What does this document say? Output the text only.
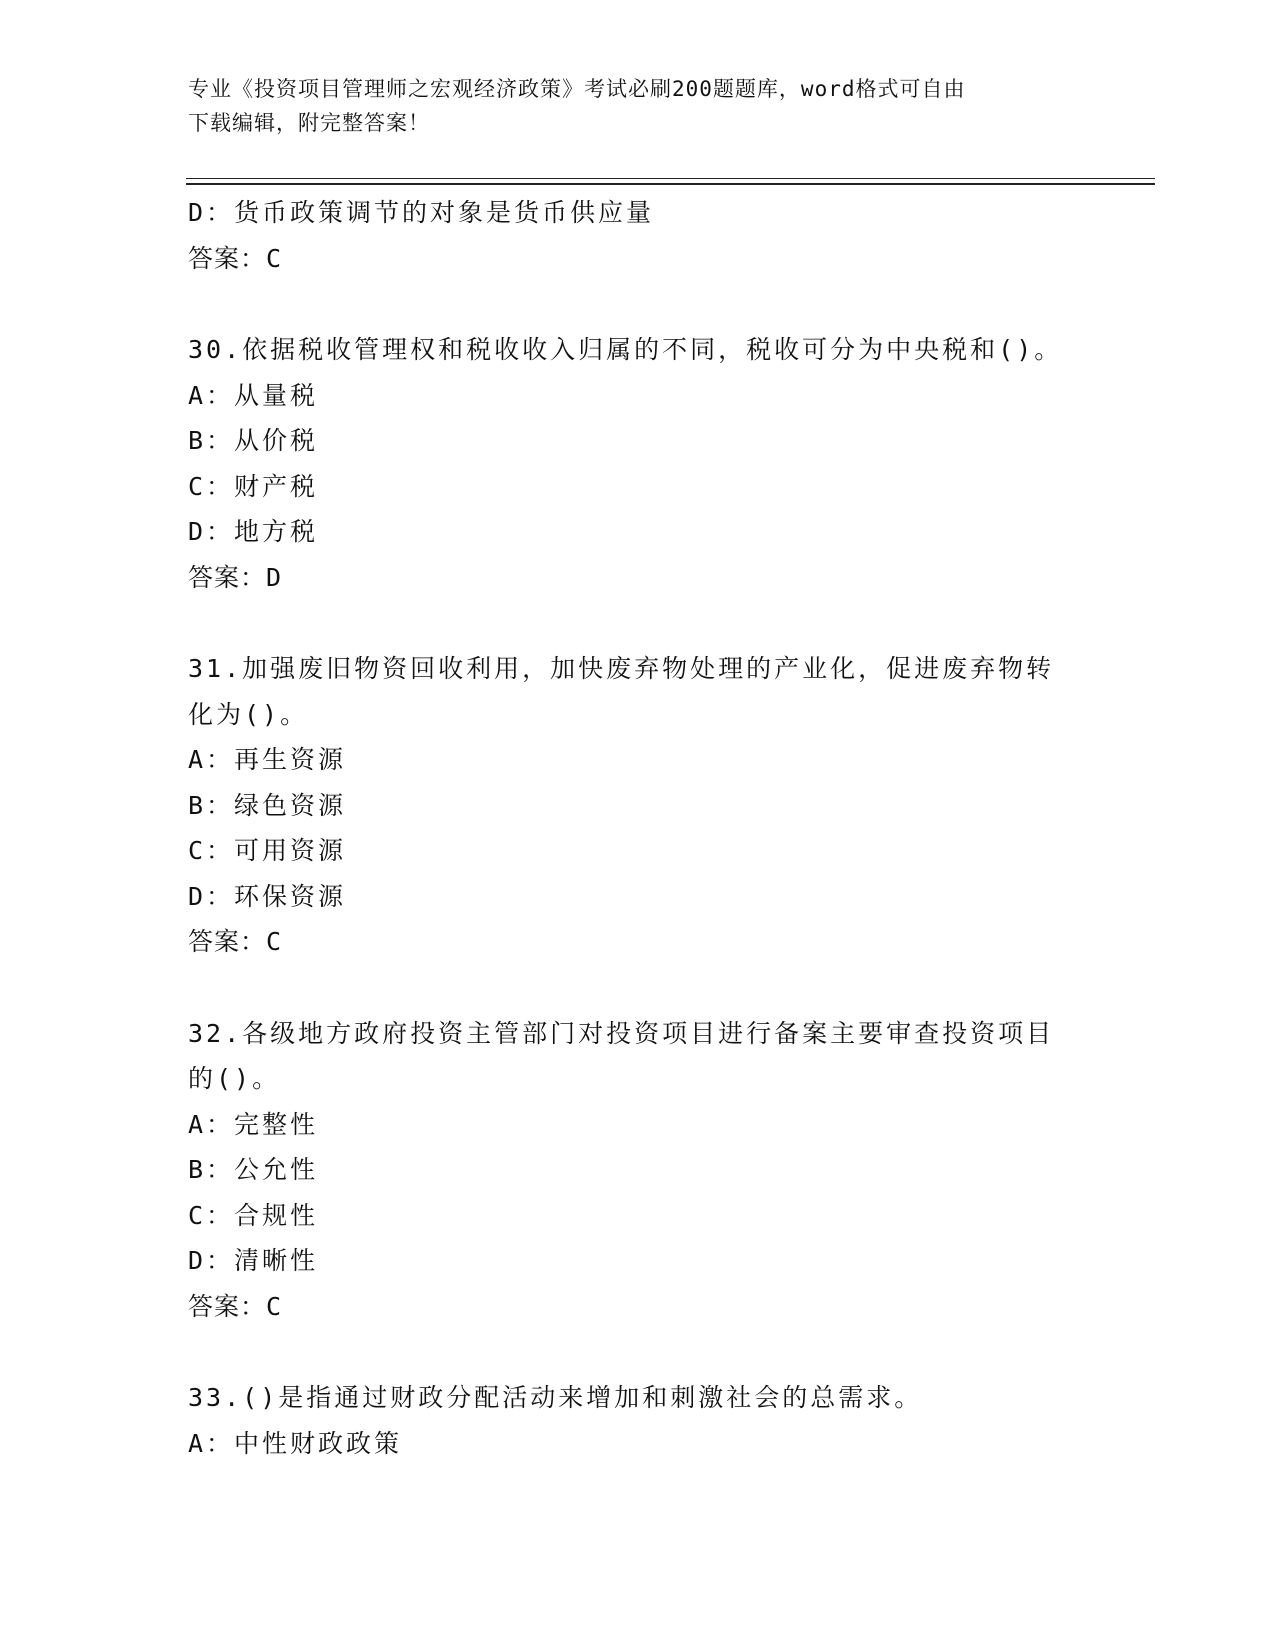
专业《投资项目管理师之宏观经济政策》考试必刷200题题库，word格式可自由
下载编辑，附完整答案！
D：货币政策调节的对象是货币供应量
答案：C
30.依据税收管理权和税收收入归属的不同，税收可分为中央税和()。
A：从量税
B：从价税
C：财产税
D：地方税
答案：D
31.加强废旧物资回收利用，加快废弃物处理的产业化，促进废弃物转
化为()。
A：再生资源
B：绿色资源
C：可用资源
D：环保资源
答案：C
32.各级地方政府投资主管部门对投资项目进行备案主要审查投资项目
的()。
A：完整性
B：公允性
C：合规性
D：清晰性
答案：C
33.()是指通过财政分配活动来增加和刺激社会的总需求。
A：中性财政政策
